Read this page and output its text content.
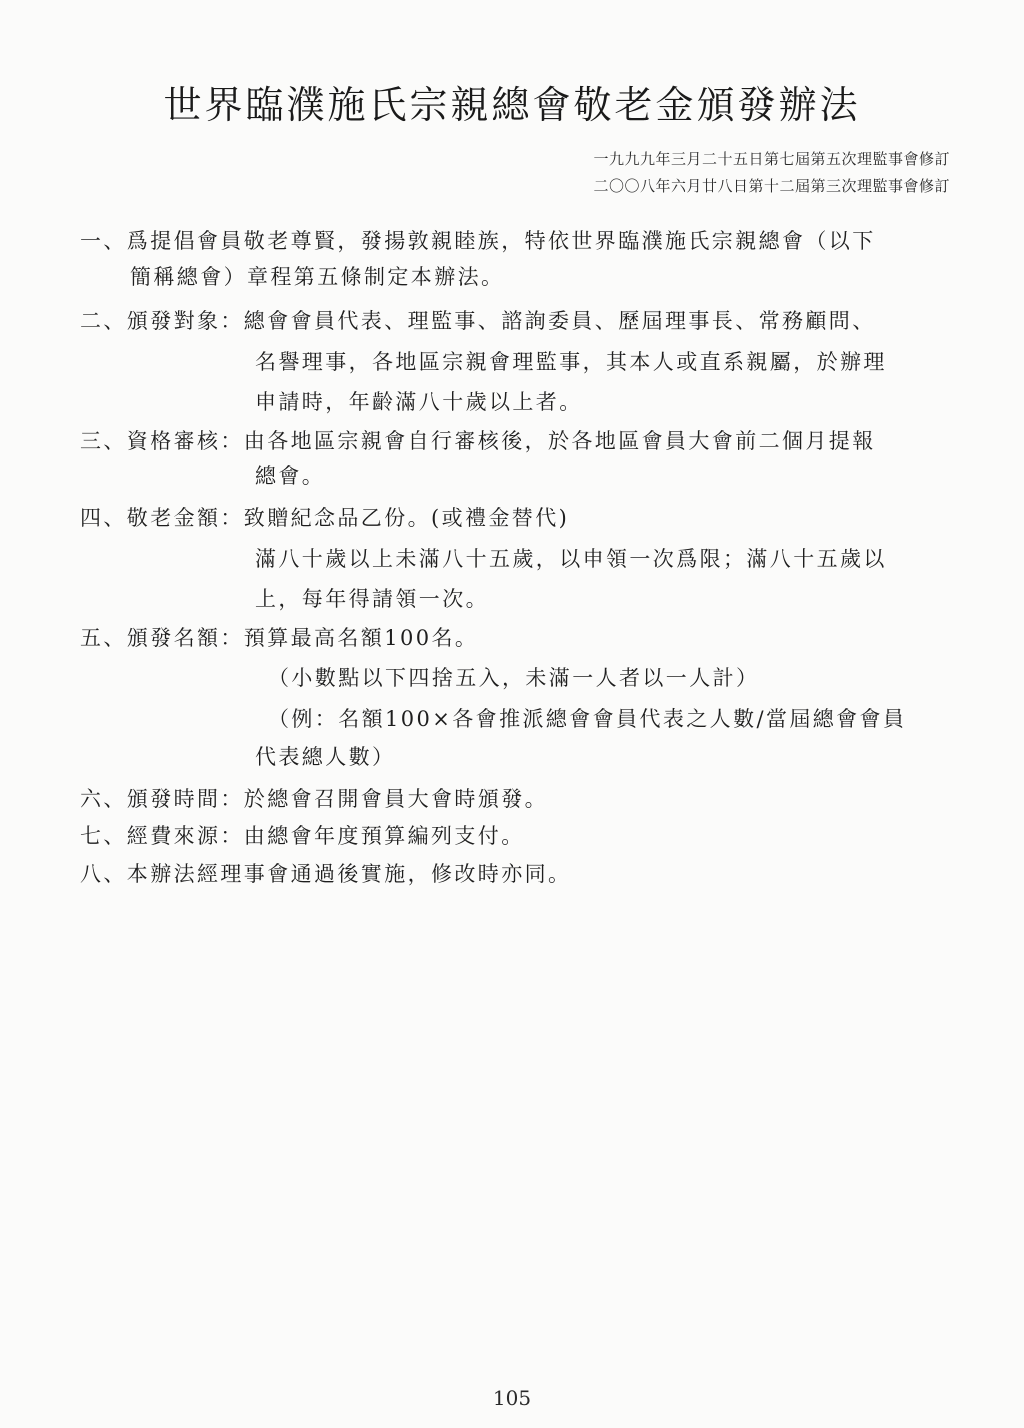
世界臨濮施氏宗親總會敬老金頒發辦法
一九九九年三月二十五日第七屆第五次理監事會修訂
二〇〇八年六月廿八日第十二屆第三次理監事會修訂
一、爲提倡會員敬老尊賢，發揚敦親睦族，特依世界臨濮施氏宗親總會（以下
簡稱總會）章程第五條制定本辦法。
二、頒發對象：總會會員代表、理監事、諮詢委員、歷屆理事長、常務顧問、
名譽理事，各地區宗親會理監事，其本人或直系親屬，於辦理
申請時，年齡滿八十歲以上者。
三、資格審核：由各地區宗親會自行審核後，於各地區會員大會前二個月提報
總會。
四、敬老金額：致贈紀念品乙份。(或禮金替代)
滿八十歲以上未滿八十五歲，以申領一次爲限；滿八十五歲以
上，每年得請領一次。
五、頒發名額：預算最高名額100名。
（小數點以下四捨五入，未滿一人者以一人計）
（例：名額100×各會推派總會會員代表之人數/當屆總會會員
代表總人數）
六、頒發時間：於總會召開會員大會時頒發。
七、經費來源：由總會年度預算編列支付。
八、本辦法經理事會通過後實施，修改時亦同。
105
